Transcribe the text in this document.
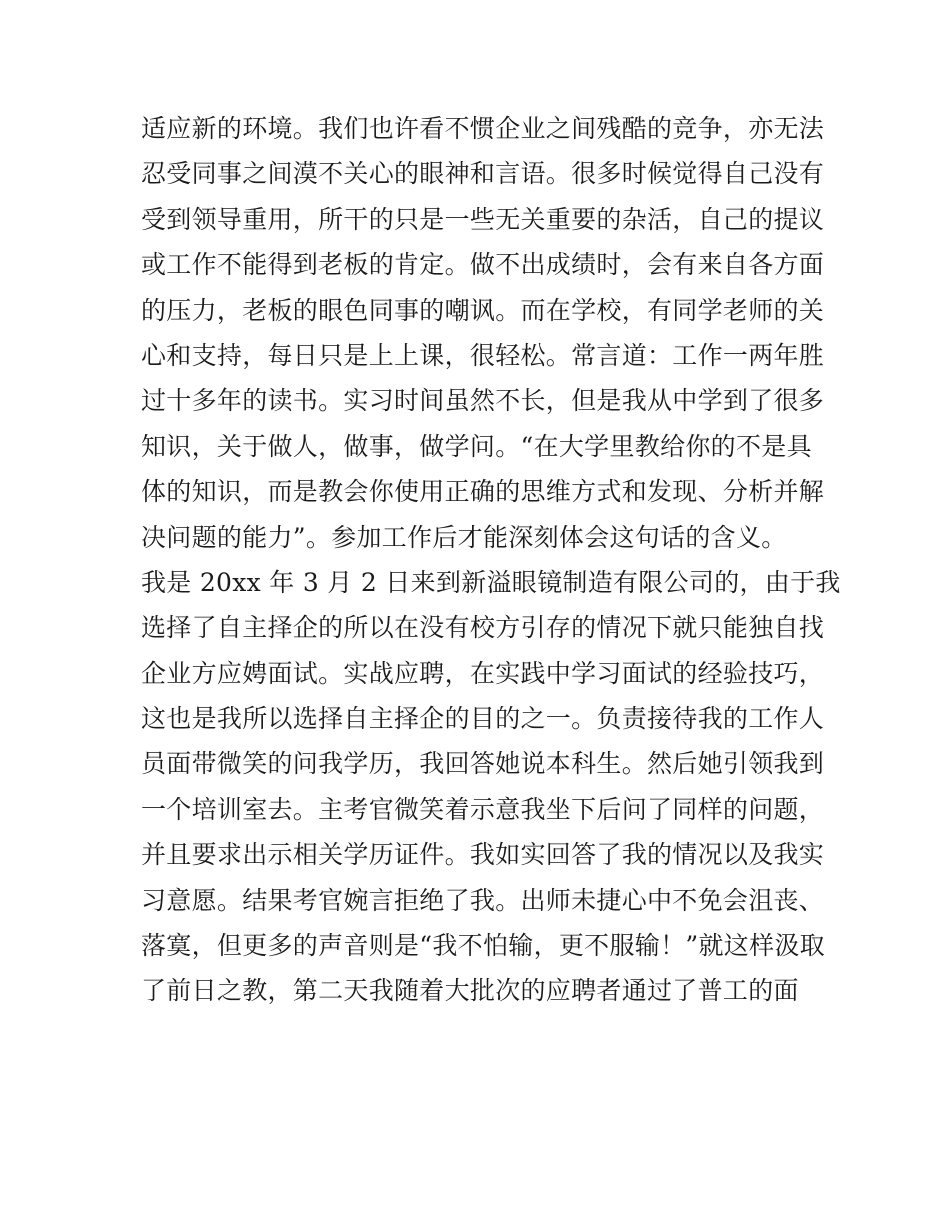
适应新的环境。我们也许看不惯企业之间残酷的竞争，亦无法
忍受同事之间漠不关心的眼神和言语。很多时候觉得自己没有
受到领导重用，所干的只是一些无关重要的杂活，自己的提议
或工作不能得到老板的肯定。做不出成绩时，会有来自各方面
的压力，老板的眼色同事的嘲讽。而在学校，有同学老师的关
心和支持，每日只是上上课，很轻松。常言道：工作一两年胜
过十多年的读书。实习时间虽然不长，但是我从中学到了很多
知识，关于做人，做事，做学问。“在大学里教给你的不是具
体的知识，而是教会你使用正确的思维方式和发现、分析并解
决问题的能力”。参加工作后才能深刻体会这句话的含义。
我是 20xx 年 3 月 2 日来到新溢眼镜制造有限公司的，由于我
选择了自主择企的所以在没有校方引存的情况下就只能独自找
企业方应娉面试。实战应聘，在实践中学习面试的经验技巧，
这也是我所以选择自主择企的目的之一。负责接待我的工作人
员面带微笑的问我学历，我回答她说本科生。然后她引领我到
一个培训室去。主考官微笑着示意我坐下后问了同样的问题，
并且要求出示相关学历证件。我如实回答了我的情况以及我实
习意愿。结果考官婉言拒绝了我。出师未捷心中不免会沮丧、
落寞，但更多的声音则是“我不怕输，更不服输！”就这样汲取
了前日之教，第二天我随着大批次的应聘者通过了普工的面
